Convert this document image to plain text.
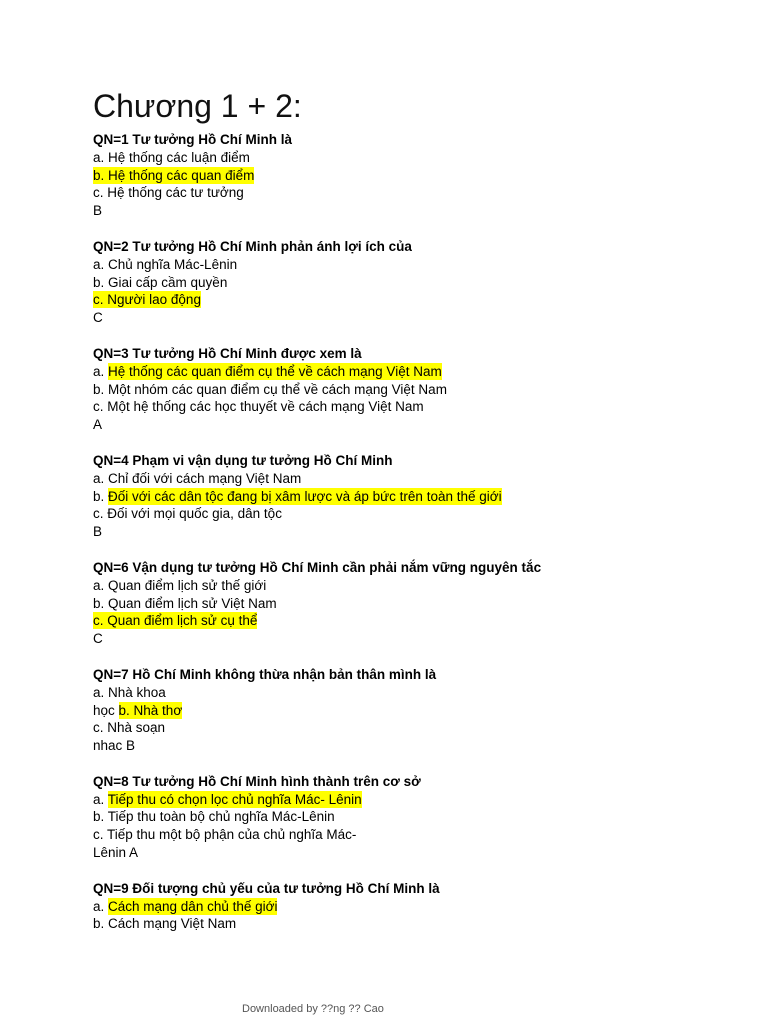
Chương 1 + 2:
QN=1 Tư tưởng Hồ Chí Minh là
a. Hệ thống các luận điểm
b. Hệ thống các quan điểm
c. Hệ thống các tư tưởng
B
QN=2 Tư tưởng Hồ Chí Minh phản ánh lợi ích của
a. Chủ nghĩa Mác-Lênin
b. Giai cấp cầm quyền
c. Người lao động
C
QN=3 Tư tưởng Hồ Chí Minh được xem là
a. Hệ thống các quan điểm cụ thể về cách mạng Việt Nam
b. Một nhóm các quan điểm cụ thể về cách mạng Việt Nam
c. Một hệ thống các học thuyết về cách mạng Việt Nam
A
QN=4 Phạm vi vận dụng tư tưởng Hồ Chí Minh
a. Chỉ đối với cách mạng Việt Nam
b. Đối với các dân tộc đang bị xâm lược và áp bức trên toàn thế giới
c. Đối với mọi quốc gia, dân tộc
B
QN=6 Vận dụng tư tưởng Hồ Chí Minh cần phải nắm vững nguyên tắc
a. Quan điểm lịch sử thế giới
b. Quan điểm lịch sử Việt Nam
c. Quan điểm lịch sử cụ thể
C
QN=7 Hồ Chí Minh không thừa nhận bản thân mình là
a. Nhà khoa
học b. Nhà thơ
c. Nhà soạn
nhac B
QN=8 Tư tưởng Hồ Chí Minh hình thành trên cơ sở
a. Tiếp thu có chọn lọc chủ nghĩa Mác- Lênin
b. Tiếp thu toàn bộ chủ nghĩa Mác-Lênin
c. Tiếp thu một bộ phận của chủ nghĩa Mác-
Lênin A
QN=9 Đối tượng chủ yếu của tư tưởng Hồ Chí Minh là
a. Cách mạng dân chủ thế giới
b. Cách mạng Việt Nam
Downloaded by ??ng ?? Cao
